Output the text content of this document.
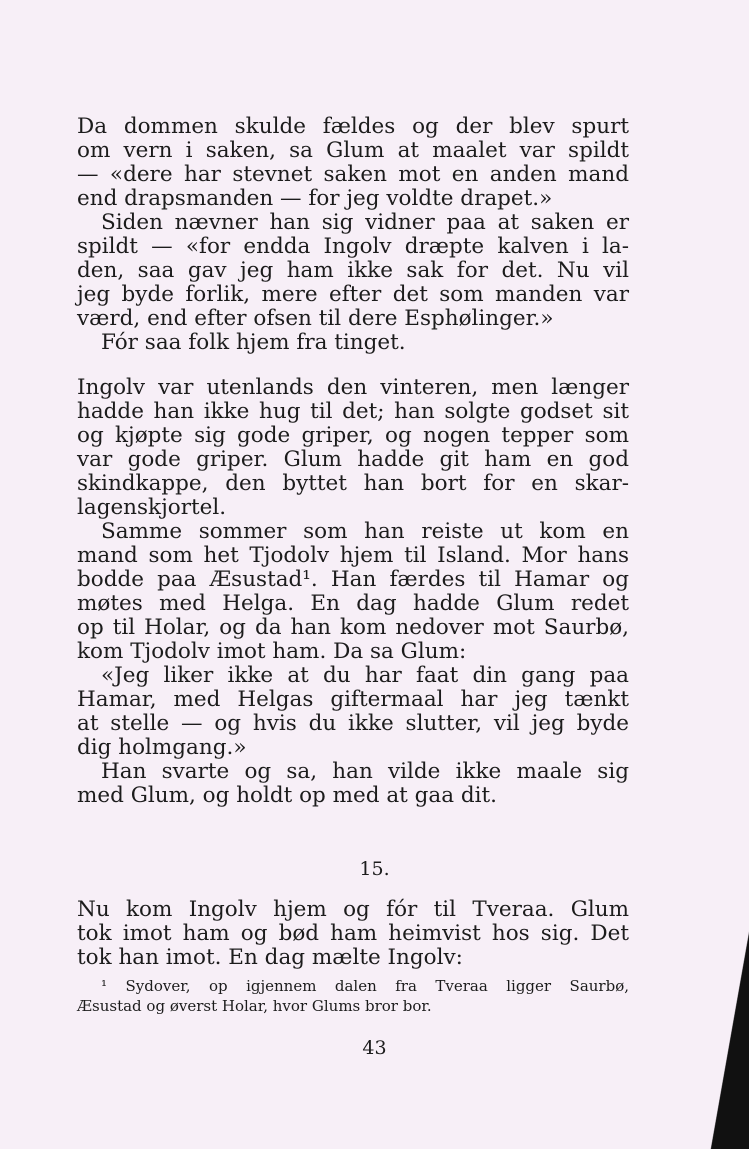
Da dommen skulde fældes og der blev spurt
om vern i saken, sa Glum at maalet var spildt
— «dere har stevnet saken mot en anden mand
end drapsmanden — for jeg voldte drapet.»
Siden nævner han sig vidner paa at saken er
spildt — «for endda Ingolv dræpte kalven i la-
den, saa gav jeg ham ikke sak for det. Nu vil
jeg byde forlik, mere efter det som manden var
værd, end efter ofsen til dere Esphølinger.»
Fór saa folk hjem fra tinget.
Ingolv var utenlands den vinteren, men længer
hadde han ikke hug til det; han solgte godset sit
og kjøpte sig gode griper, og nogen tepper som
var gode griper. Glum hadde git ham en god
skindkappe, den byttet han bort for en skar-
lagenskjortel.
Samme sommer som han reiste ut kom en
mand som het Tjodolv hjem til Island. Mor hans
bodde paa Æsustad¹. Han færdes til Hamar og
møtes med Helga. En dag hadde Glum redet
op til Holar, og da han kom nedover mot Saurbø,
kom Tjodolv imot ham. Da sa Glum:
«Jeg liker ikke at du har faat din gang paa
Hamar, med Helgas giftermaal har jeg tænkt
at stelle — og hvis du ikke slutter, vil jeg byde
dig holmgang.»
Han svarte og sa, han vilde ikke maale sig
med Glum, og holdt op med at gaa dit.
15.
Nu kom Ingolv hjem og fór til Tveraa. Glum
tok imot ham og bød ham heimvist hos sig. Det
tok han imot. En dag mælte Ingolv:
¹ Sydover, op igjennem dalen fra Tveraa ligger Saurbø,
Æsustad og øverst Holar, hvor Glums bror bor.
43
